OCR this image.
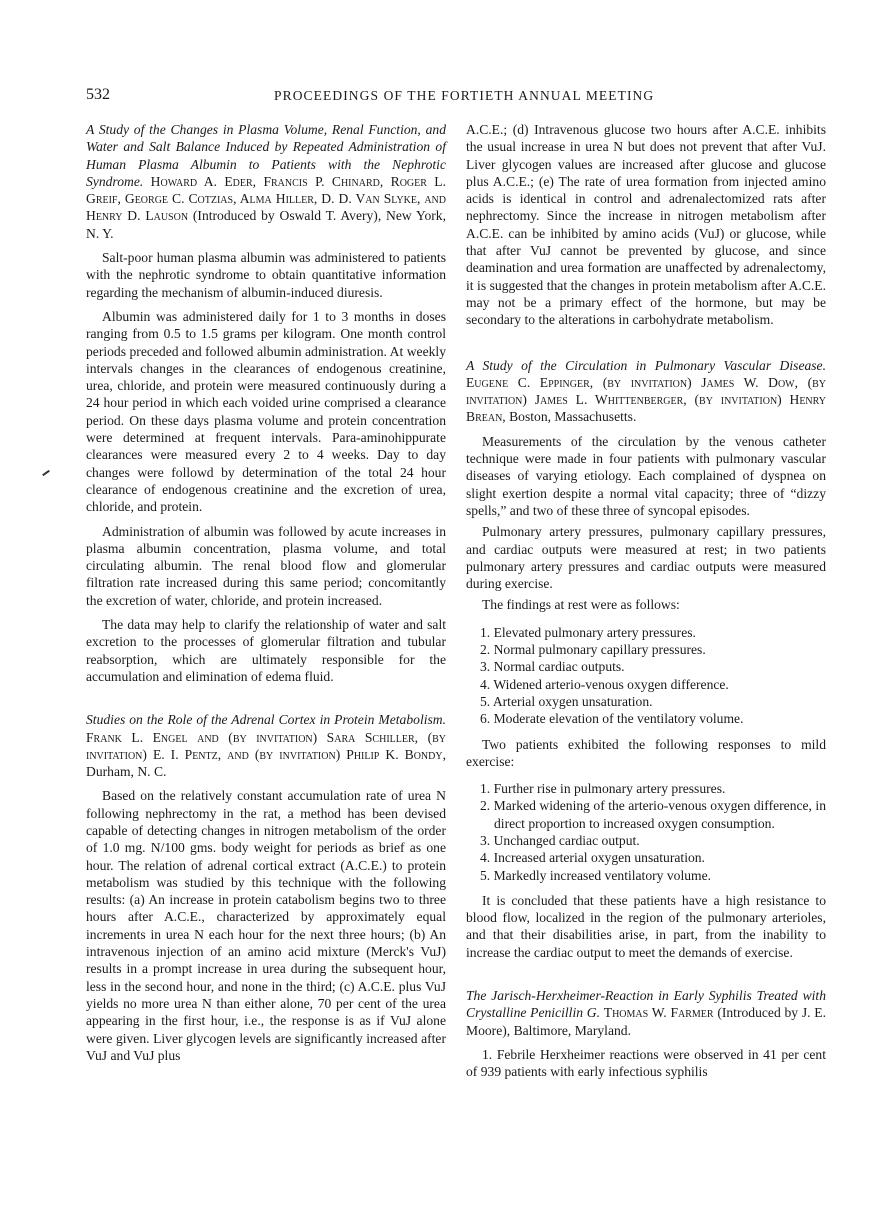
532	PROCEEDINGS OF THE FORTIETH ANNUAL MEETING

A Study of the Changes in Plasma Volume, Renal Function, and Water and Salt Balance Induced by Repeated Administration of Human Plasma Albumin to Patients with the Nephrotic Syndrome. Howard A. Eder, Francis P. Chinard, Roger L. Greif, George C. Cotzias, Alma Hiller, D. D. Van Slyke, and Henry D. Lauson (Introduced by Oswald T. Avery), New York, N. Y.

Salt-poor human plasma albumin was administered to patients with the nephrotic syndrome to obtain quantitative information regarding the mechanism of albumin-induced diuresis.

Albumin was administered daily for 1 to 3 months in doses ranging from 0.5 to 1.5 grams per kilogram. One month control periods preceded and followed albumin administration. At weekly intervals changes in the clearances of endogenous creatinine, urea, chloride, and protein were measured continuously during a 24 hour period in which each voided urine comprised a clearance period. On these days plasma volume and protein concentration were determined at frequent intervals. Para-aminohippurate clearances were measured every 2 to 4 weeks. Day to day changes were followd by determination of the total 24 hour clearance of endogenous creatinine and the excretion of urea, chloride, and protein.

Administration of albumin was followed by acute increases in plasma albumin concentration, plasma volume, and total circulating albumin. The renal blood flow and glomerular filtration rate increased during this same period; concomitantly the excretion of water, chloride, and protein increased.

The data may help to clarify the relationship of water and salt excretion to the processes of glomerular filtration and tubular reabsorption, which are ultimately responsible for the accumulation and elimination of edema fluid.

Studies on the Role of the Adrenal Cortex in Protein Metabolism. Frank L. Engel and (by invitation) Sara Schiller, (by invitation) E. I. Pentz, and (by invitation) Philip K. Bondy, Durham, N. C.

Based on the relatively constant accumulation rate of urea N following nephrectomy in the rat, a method has been devised capable of detecting changes in nitrogen metabolism of the order of 1.0 mg. N/100 gms. body weight for periods as brief as one hour. The relation of adrenal cortical extract (A.C.E.) to protein metabolism was studied by this technique with the following results: (a) An increase in protein catabolism begins two to three hours after A.C.E., characterized by approximately equal increments in urea N each hour for the next three hours; (b) An intravenous injection of an amino acid mixture (Merck's VuJ) results in a prompt increase in urea during the subsequent hour, less in the second hour, and none in the third; (c) A.C.E. plus VuJ yields no more urea N than either alone, 70 per cent of the urea appearing in the first hour, i.e., the response is as if VuJ alone were given. Liver glycogen levels are significantly increased after VuJ and VuJ plus

A.C.E.; (d) Intravenous glucose two hours after A.C.E. inhibits the usual increase in urea N but does not prevent that after VuJ. Liver glycogen values are increased after glucose and glucose plus A.C.E.; (e) The rate of urea formation from injected amino acids is identical in control and adrenalectomized rats after nephrectomy. Since the increase in nitrogen metabolism after A.C.E. can be inhibited by amino acids (VuJ) or glucose, while that after VuJ cannot be prevented by glucose, and since deamination and urea formation are unaffected by adrenalectomy, it is suggested that the changes in protein metabolism after A.C.E. may not be a primary effect of the hormone, but may be secondary to the alterations in carbohydrate metabolism.

A Study of the Circulation in Pulmonary Vascular Disease. Eugene C. Eppinger, (by invitation) James W. Dow, (by invitation) James L. Whittenberger, (by invitation) Henry Brean, Boston, Massachusetts.

Measurements of the circulation by the venous catheter technique were made in four patients with pulmonary vascular diseases of varying etiology. Each complained of dyspnea on slight exertion despite a normal vital capacity; three of “dizzy spells,” and two of these three of syncopal episodes.

Pulmonary artery pressures, pulmonary capillary pressures, and cardiac outputs were measured at rest; in two patients pulmonary artery pressures and cardiac outputs were measured during exercise.

The findings at rest were as follows:

1. Elevated pulmonary artery pressures.
2. Normal pulmonary capillary pressures.
3. Normal cardiac outputs.
4. Widened arterio-venous oxygen difference.
5. Arterial oxygen unsaturation.
6. Moderate elevation of the ventilatory volume.

Two patients exhibited the following responses to mild exercise:

1. Further rise in pulmonary artery pressures.
2. Marked widening of the arterio-venous oxygen difference, in direct proportion to increased oxygen consumption.
3. Unchanged cardiac output.
4. Increased arterial oxygen unsaturation.
5. Markedly increased ventilatory volume.

It is concluded that these patients have a high resistance to blood flow, localized in the region of the pulmonary arterioles, and that their disabilities arise, in part, from the inability to increase the cardiac output to meet the demands of exercise.

The Jarisch-Herxheimer-Reaction in Early Syphilis Treated with Crystalline Penicillin G. Thomas W. Farmer (Introduced by J. E. Moore), Baltimore, Maryland.

1. Febrile Herxheimer reactions were observed in 41 per cent of 939 patients with early infectious syphilis
